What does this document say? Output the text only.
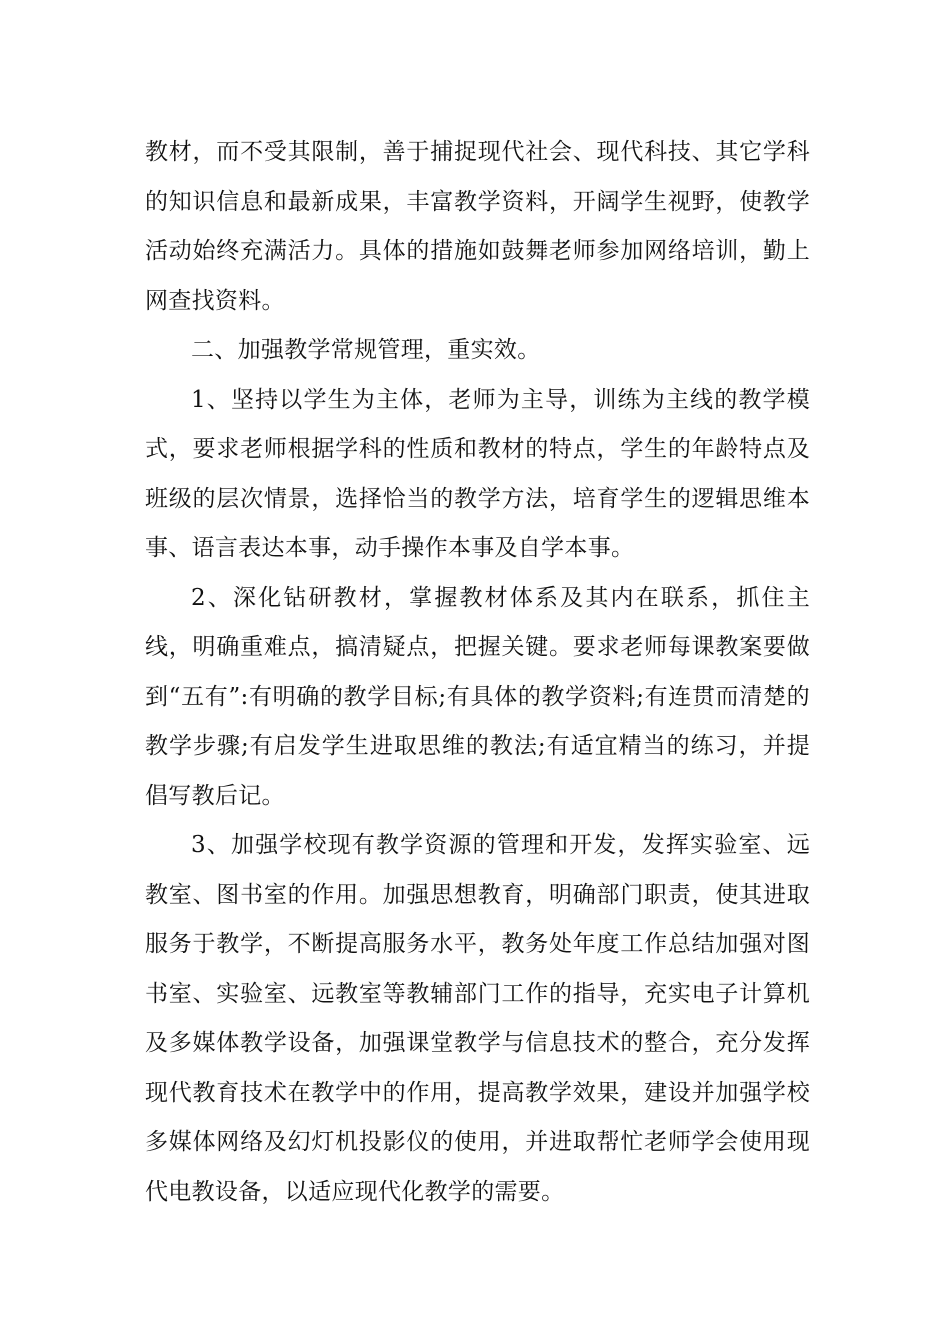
教材，而不受其限制，善于捕捉现代社会、现代科技、其它学科的知识信息和最新成果，丰富教学资料，开阔学生视野，使教学活动始终充满活力。具体的措施如鼓舞老师参加网络培训，勤上网查找资料。

二、加强教学常规管理，重实效。

1、坚持以学生为主体，老师为主导，训练为主线的教学模式，要求老师根据学科的性质和教材的特点，学生的年龄特点及班级的层次情景，选择恰当的教学方法，培育学生的逻辑思维本事、语言表达本事，动手操作本事及自学本事。

2、深化钻研教材，掌握教材体系及其内在联系，抓住主线，明确重难点，搞清疑点，把握关键。要求老师每课教案要做到“五有”:有明确的教学目标;有具体的教学资料;有连贯而清楚的教学步骤;有启发学生进取思维的教法;有适宜精当的练习，并提倡写教后记。

3、加强学校现有教学资源的管理和开发，发挥实验室、远教室、图书室的作用。加强思想教育，明确部门职责，使其进取服务于教学，不断提高服务水平，教务处年度工作总结加强对图书室、实验室、远教室等教辅部门工作的指导，充实电子计算机及多媒体教学设备，加强课堂教学与信息技术的整合，充分发挥现代教育技术在教学中的作用，提高教学效果，建设并加强学校多媒体网络及幻灯机投影仪的使用，并进取帮忙老师学会使用现代电教设备，以适应现代化教学的需要。
